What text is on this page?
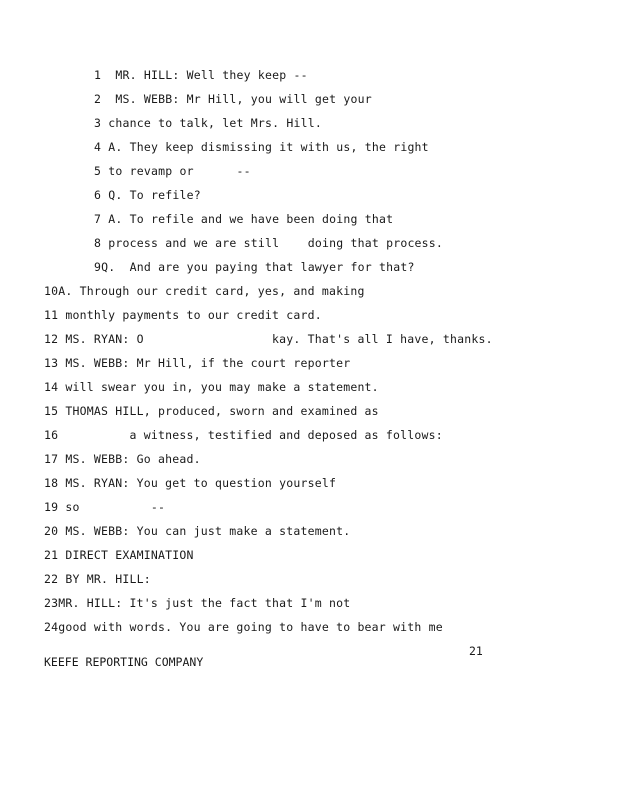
1  MR. HILL: Well they keep --
2  MS. WEBB: Mr Hill, you will get your
3 chance to talk, let Mrs. Hill.
4 A. They keep dismissing it with us, the right
5 to revamp or      --
6 Q. To refile?
7 A. To refile and we have been doing that
8 process and we are still    doing that process.
9Q.  And are you paying that lawyer for that?
10A. Through our credit card, yes, and making
11 monthly payments to our credit card.
12 MS. RYAN: O                  kay. That's all I have, thanks.
13 MS. WEBB: Mr Hill, if the court reporter
14 will swear you in, you may make a statement.
15 THOMAS HILL, produced, sworn and examined as
16          a witness, testified and deposed as follows:
17 MS. WEBB: Go ahead.
18 MS. RYAN: You get to question yourself
19 so          --
20 MS. WEBB: You can just make a statement.
21 DIRECT EXAMINATION
22 BY MR. HILL:
23MR. HILL: It's just the fact that I'm not
24good with words. You are going to have to bear with me
21
KEEFE REPORTING COMPANY
